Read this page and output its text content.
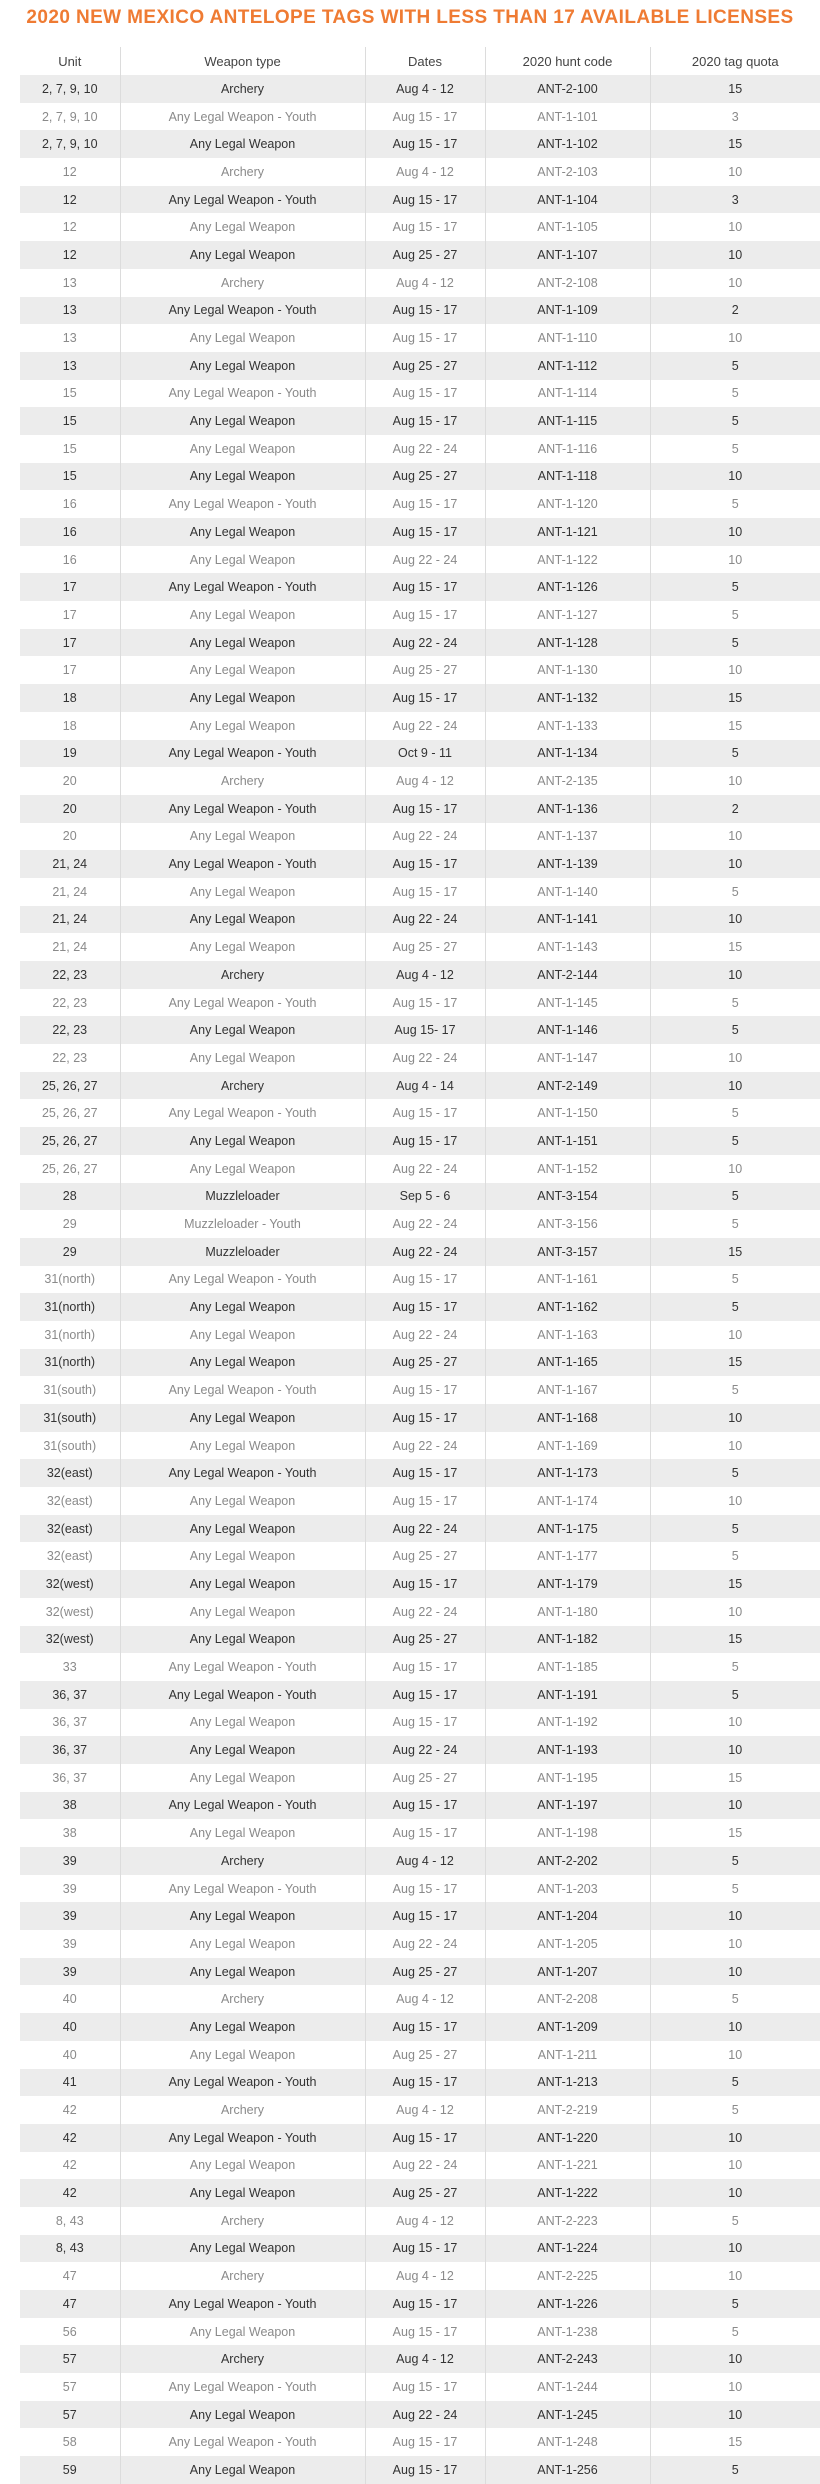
2020 NEW MEXICO ANTELOPE TAGS WITH LESS THAN 17 AVAILABLE LICENSES
Unit	Weapon type	Dates	2020 hunt code	2020 tag quota
2, 7, 9, 10	Archery	Aug 4 - 12	ANT-2-100	15
2, 7, 9, 10	Any Legal Weapon - Youth	Aug 15 - 17	ANT-1-101	3
2, 7, 9, 10	Any Legal Weapon	Aug 15 - 17	ANT-1-102	15
12	Archery	Aug 4 - 12	ANT-2-103	10
12	Any Legal Weapon - Youth	Aug 15 - 17	ANT-1-104	3
12	Any Legal Weapon	Aug 15 - 17	ANT-1-105	10
12	Any Legal Weapon	Aug 25 - 27	ANT-1-107	10
13	Archery	Aug 4 - 12	ANT-2-108	10
13	Any Legal Weapon - Youth	Aug 15 - 17	ANT-1-109	2
13	Any Legal Weapon	Aug 15 - 17	ANT-1-110	10
13	Any Legal Weapon	Aug 25 - 27	ANT-1-112	5
15	Any Legal Weapon - Youth	Aug 15 - 17	ANT-1-114	5
15	Any Legal Weapon	Aug 15 - 17	ANT-1-115	5
15	Any Legal Weapon	Aug 22 - 24	ANT-1-116	5
15	Any Legal Weapon	Aug 25 - 27	ANT-1-118	10
16	Any Legal Weapon - Youth	Aug 15 - 17	ANT-1-120	5
16	Any Legal Weapon	Aug 15 - 17	ANT-1-121	10
16	Any Legal Weapon	Aug 22 - 24	ANT-1-122	10
17	Any Legal Weapon - Youth	Aug 15 - 17	ANT-1-126	5
17	Any Legal Weapon	Aug 15 - 17	ANT-1-127	5
17	Any Legal Weapon	Aug 22 - 24	ANT-1-128	5
17	Any Legal Weapon	Aug 25 - 27	ANT-1-130	10
18	Any Legal Weapon	Aug 15 - 17	ANT-1-132	15
18	Any Legal Weapon	Aug 22 - 24	ANT-1-133	15
19	Any Legal Weapon - Youth	Oct 9 - 11	ANT-1-134	5
20	Archery	Aug 4 - 12	ANT-2-135	10
20	Any Legal Weapon - Youth	Aug 15 - 17	ANT-1-136	2
20	Any Legal Weapon	Aug 22 - 24	ANT-1-137	10
21, 24	Any Legal Weapon - Youth	Aug 15 - 17	ANT-1-139	10
21, 24	Any Legal Weapon	Aug 15 - 17	ANT-1-140	5
21, 24	Any Legal Weapon	Aug 22 - 24	ANT-1-141	10
21, 24	Any Legal Weapon	Aug 25 - 27	ANT-1-143	15
22, 23	Archery	Aug 4 - 12	ANT-2-144	10
22, 23	Any Legal Weapon - Youth	Aug 15 - 17	ANT-1-145	5
22, 23	Any Legal Weapon	Aug 15- 17	ANT-1-146	5
22, 23	Any Legal Weapon	Aug 22 - 24	ANT-1-147	10
25, 26, 27	Archery	Aug 4 - 14	ANT-2-149	10
25, 26, 27	Any Legal Weapon - Youth	Aug 15 - 17	ANT-1-150	5
25, 26, 27	Any Legal Weapon	Aug 15 - 17	ANT-1-151	5
25, 26, 27	Any Legal Weapon	Aug 22 - 24	ANT-1-152	10
28	Muzzleloader	Sep 5 - 6	ANT-3-154	5
29	Muzzleloader - Youth	Aug 22 - 24	ANT-3-156	5
29	Muzzleloader	Aug 22 - 24	ANT-3-157	15
31(north)	Any Legal Weapon - Youth	Aug 15 - 17	ANT-1-161	5
31(north)	Any Legal Weapon	Aug 15 - 17	ANT-1-162	5
31(north)	Any Legal Weapon	Aug 22 - 24	ANT-1-163	10
31(north)	Any Legal Weapon	Aug 25 - 27	ANT-1-165	15
31(south)	Any Legal Weapon - Youth	Aug 15 - 17	ANT-1-167	5
31(south)	Any Legal Weapon	Aug 15 - 17	ANT-1-168	10
31(south)	Any Legal Weapon	Aug 22 - 24	ANT-1-169	10
32(east)	Any Legal Weapon - Youth	Aug 15 - 17	ANT-1-173	5
32(east)	Any Legal Weapon	Aug 15 - 17	ANT-1-174	10
32(east)	Any Legal Weapon	Aug 22 - 24	ANT-1-175	5
32(east)	Any Legal Weapon	Aug 25 - 27	ANT-1-177	5
32(west)	Any Legal Weapon	Aug 15 - 17	ANT-1-179	15
32(west)	Any Legal Weapon	Aug 22 - 24	ANT-1-180	10
32(west)	Any Legal Weapon	Aug 25 - 27	ANT-1-182	15
33	Any Legal Weapon - Youth	Aug 15 - 17	ANT-1-185	5
36, 37	Any Legal Weapon - Youth	Aug 15 - 17	ANT-1-191	5
36, 37	Any Legal Weapon	Aug 15 - 17	ANT-1-192	10
36, 37	Any Legal Weapon	Aug 22 - 24	ANT-1-193	10
36, 37	Any Legal Weapon	Aug 25 - 27	ANT-1-195	15
38	Any Legal Weapon - Youth	Aug 15 - 17	ANT-1-197	10
38	Any Legal Weapon	Aug 15 - 17	ANT-1-198	15
39	Archery	Aug 4 - 12	ANT-2-202	5
39	Any Legal Weapon - Youth	Aug 15 - 17	ANT-1-203	5
39	Any Legal Weapon	Aug 15 - 17	ANT-1-204	10
39	Any Legal Weapon	Aug 22 - 24	ANT-1-205	10
39	Any Legal Weapon	Aug 25 - 27	ANT-1-207	10
40	Archery	Aug 4 - 12	ANT-2-208	5
40	Any Legal Weapon	Aug 15 - 17	ANT-1-209	10
40	Any Legal Weapon	Aug 25 - 27	ANT-1-211	10
41	Any Legal Weapon - Youth	Aug 15 - 17	ANT-1-213	5
42	Archery	Aug 4 - 12	ANT-2-219	5
42	Any Legal Weapon - Youth	Aug 15 - 17	ANT-1-220	10
42	Any Legal Weapon	Aug 22 - 24	ANT-1-221	10
42	Any Legal Weapon	Aug 25 - 27	ANT-1-222	10
8, 43	Archery	Aug 4 - 12	ANT-2-223	5
8, 43	Any Legal Weapon	Aug 15 - 17	ANT-1-224	10
47	Archery	Aug 4 - 12	ANT-2-225	10
47	Any Legal Weapon - Youth	Aug 15 - 17	ANT-1-226	5
56	Any Legal Weapon	Aug 15 - 17	ANT-1-238	5
57	Archery	Aug 4 - 12	ANT-2-243	10
57	Any Legal Weapon - Youth	Aug 15 - 17	ANT-1-244	10
57	Any Legal Weapon	Aug 22 - 24	ANT-1-245	10
58	Any Legal Weapon - Youth	Aug 15 - 17	ANT-1-248	15
59	Any Legal Weapon	Aug 15 - 17	ANT-1-256	5
